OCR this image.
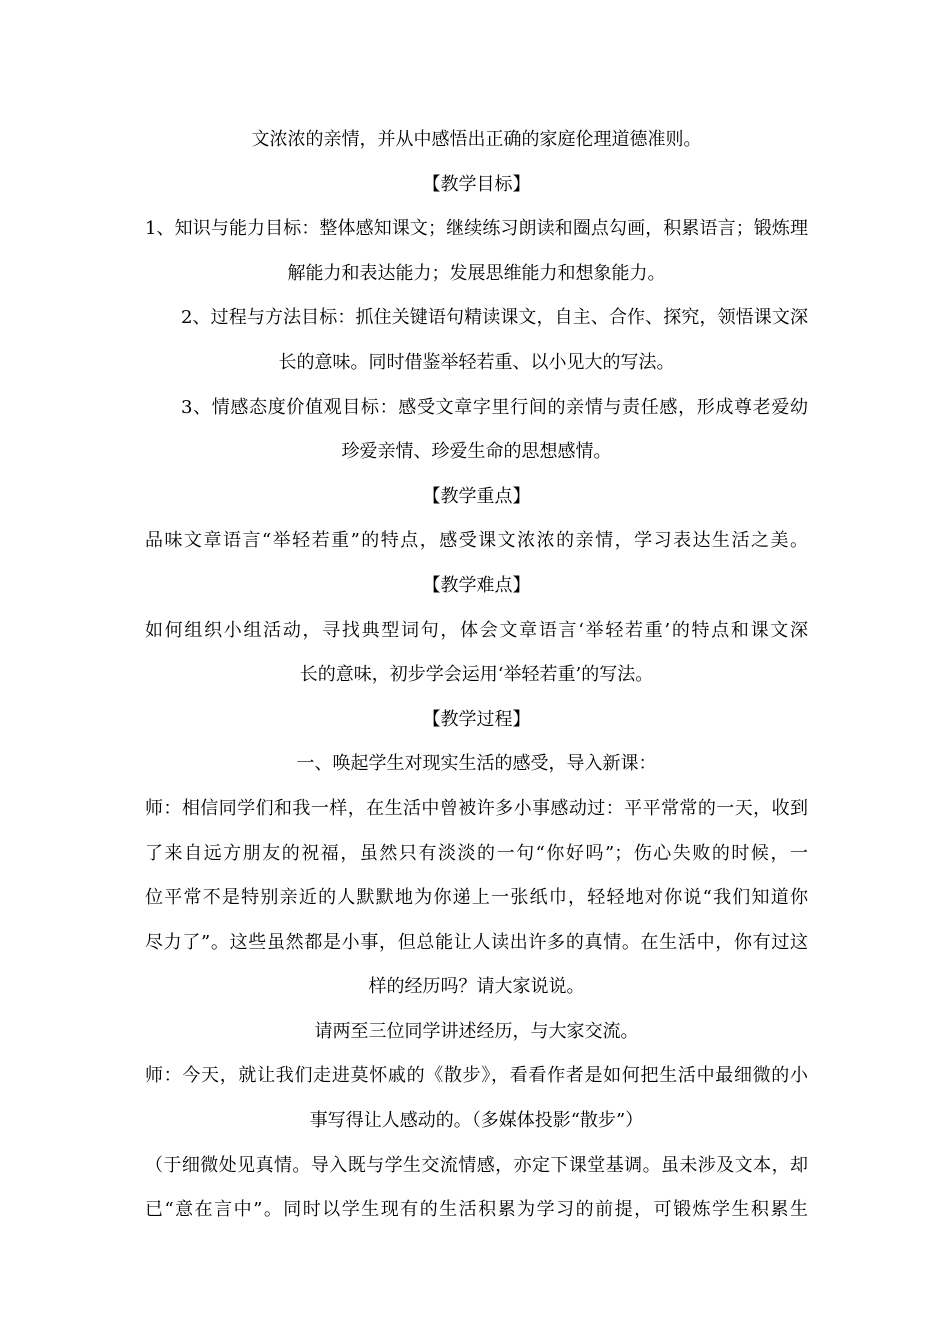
文浓浓的亲情，并从中感悟出正确的家庭伦理道德准则。
【教学目标】
1、知识与能力目标：整体感知课文；继续练习朗读和圈点勾画，积累语言；锻炼理
解能力和表达能力；发展思维能力和想象能力。
2、过程与方法目标：抓住关键语句精读课文，自主、合作、探究，领悟课文深
长的意味。同时借鉴举轻若重、以小见大的写法。
3、情感态度价值观目标：感受文章字里行间的亲情与责任感，形成尊老爱幼
珍爱亲情、珍爱生命的思想感情。
【教学重点】
品味文章语言“举轻若重”的特点，感受课文浓浓的亲情，学习表达生活之美。
【教学难点】
如何组织小组活动，寻找典型词句，体会文章语言‘举轻若重’的特点和课文深
长的意味，初步学会运用‘举轻若重’的写法。
【教学过程】
一、唤起学生对现实生活的感受，导入新课：
师：相信同学们和我一样，在生活中曾被许多小事感动过：平平常常的一天，收到
了来自远方朋友的祝福，虽然只有淡淡的一句“你好吗”；伤心失败的时候，一
位平常不是特别亲近的人默默地为你递上一张纸巾，轻轻地对你说“我们知道你
尽力了”。这些虽然都是小事，但总能让人读出许多的真情。在生活中，你有过这
样的经历吗？请大家说说。
请两至三位同学讲述经历，与大家交流。
师：今天，就让我们走进莫怀戚的《散步》，看看作者是如何把生活中最细微的小
事写得让人感动的。（多媒体投影“散步”）
（于细微处见真情。导入既与学生交流情感，亦定下课堂基调。虽未涉及文本，却
已“意在言中”。同时以学生现有的生活积累为学习的前提，可锻炼学生积累生
